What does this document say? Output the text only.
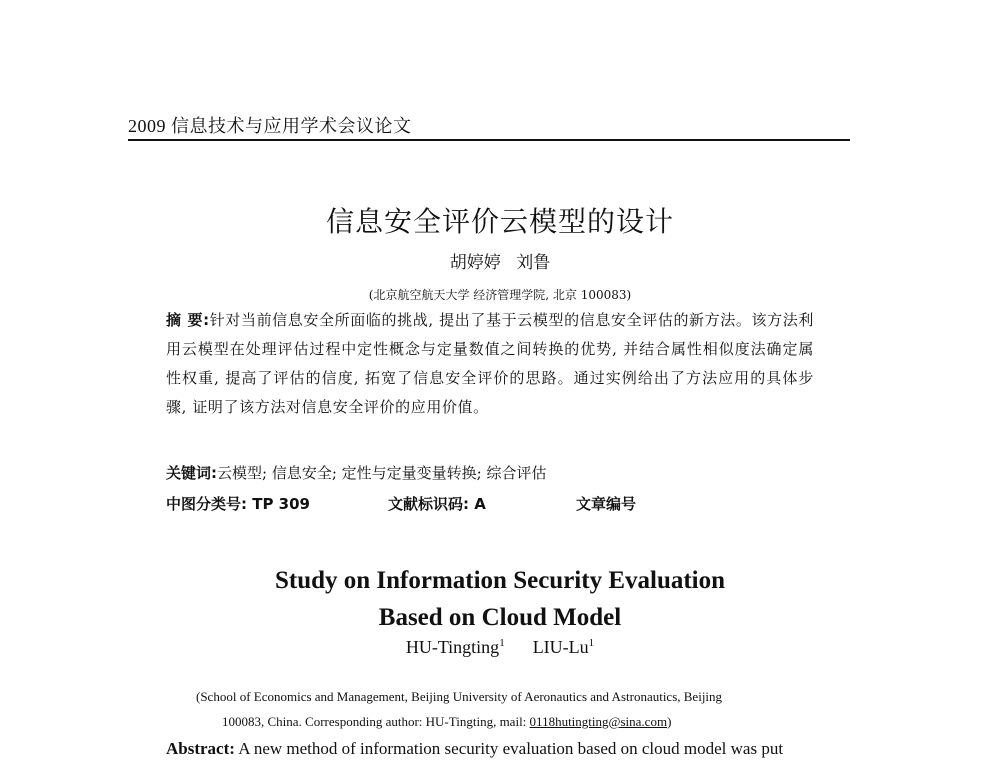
2009 信息技术与应用学术会议论文
信息安全评价云模型的设计
胡婷婷 刘鲁
(北京航空航天大学 经济管理学院, 北京 100083)
摘 要:针对当前信息安全所面临的挑战, 提出了基于云模型的信息安全评估的新方法。该方法利用云模型在处理评估过程中定性概念与定量数值之间转换的优势, 并结合属性相似度法确定属性权重, 提高了评估的信度, 拓宽了信息安全评价的思路。通过实例给出了方法应用的具体步骤, 证明了该方法对信息安全评价的应用价值。
关键词:云模型; 信息安全; 定性与定量变量转换; 综合评估
中图分类号: TP 309	文献标识码: A	文章编号
Study on Information Security Evaluation
Based on Cloud Model
HU-Tingting$^1$ LIU-Lu$^1$
(School of Economics and Management, Beijing University of Aeronautics and Astronautics, Beijing
100083, China. Corresponding author: HU-Tingting, mail: 0118hutingting@sina.com)
Abstract: A new method of information security evaluation based on cloud model was put
